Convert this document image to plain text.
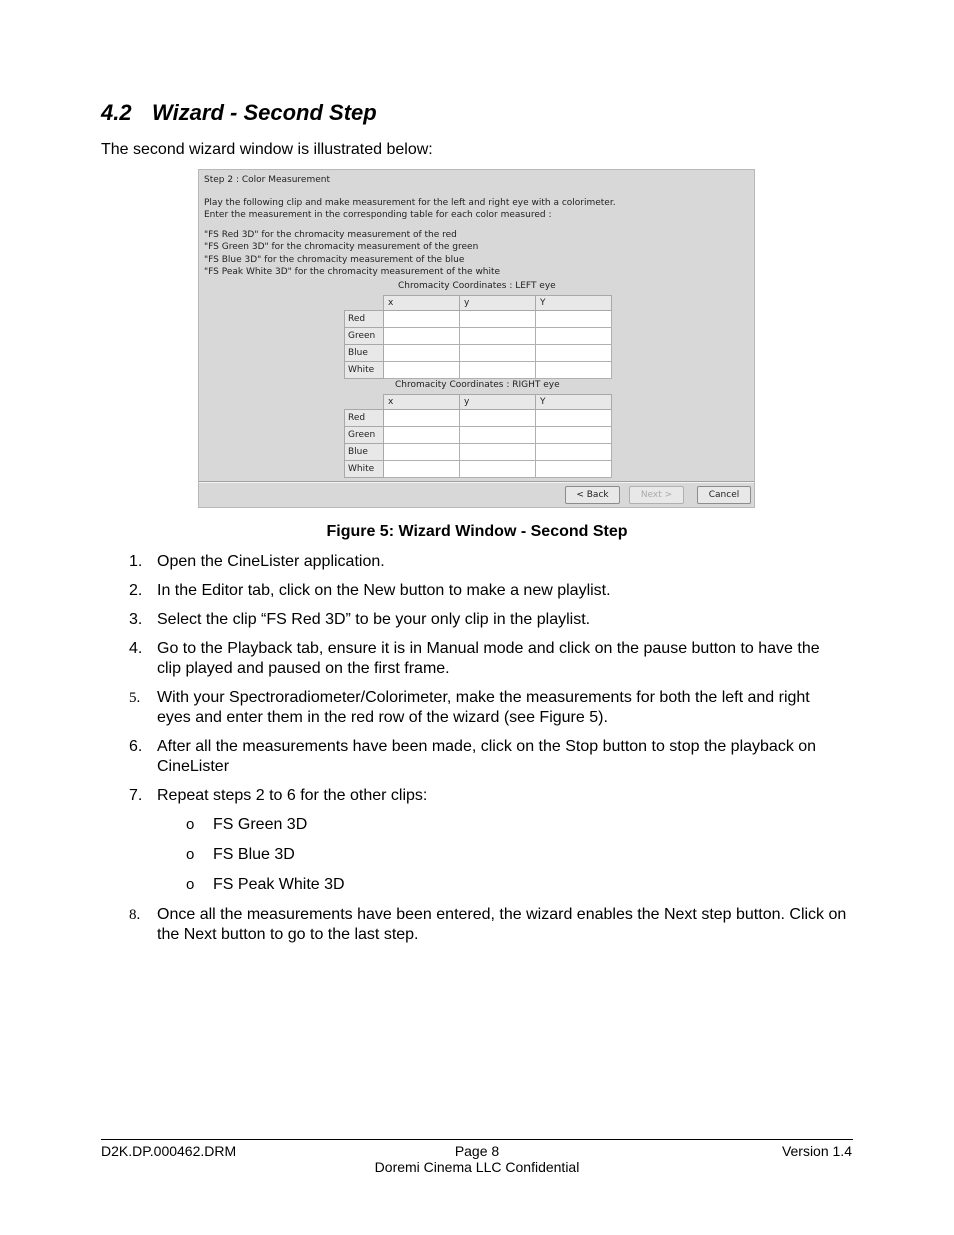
4.2 Wizard - Second Step

The second wizard window is illustrated below:

Step 2 : Color Measurement
Play the following clip and make measurement for the left and right eye with a colorimeter.
Enter the measurement in the corresponding table for each color measured :
"FS Red 3D" for the chromacity measurement of the red
"FS Green 3D" for the chromacity measurement of the green
"FS Blue 3D" for the chromacity measurement of the blue
"FS Peak White 3D" for the chromacity measurement of the white
Chromacity Coordinates : LEFT eye
	x	y	Y
Red			
Green			
Blue			
White			
Chromacity Coordinates : RIGHT eye
	x	y	Y
Red			
Green			
Blue			
White			
< Back	Next >	Cancel

Figure 5: Wizard Window - Second Step

1. Open the CineLister application.
2. In the Editor tab, click on the New button to make a new playlist.
3. Select the clip “FS Red 3D” to be your only clip in the playlist.
4. Go to the Playback tab, ensure it is in Manual mode and click on the pause button to have the clip played and paused on the first frame.
5. With your Spectroradiometer/Colorimeter, make the measurements for both the left and right eyes and enter them in the red row of the wizard (see Figure 5).
6. After all the measurements have been made, click on the Stop button to stop the playback on CineLister
7. Repeat steps 2 to 6 for the other clips:
o FS Green 3D
o FS Blue 3D
o FS Peak White 3D
8. Once all the measurements have been entered, the wizard enables the Next step button. Click on the Next button to go to the last step.
D2K.DP.000462.DRM	Page 8
Doremi Cinema LLC Confidential
Version 1.4
